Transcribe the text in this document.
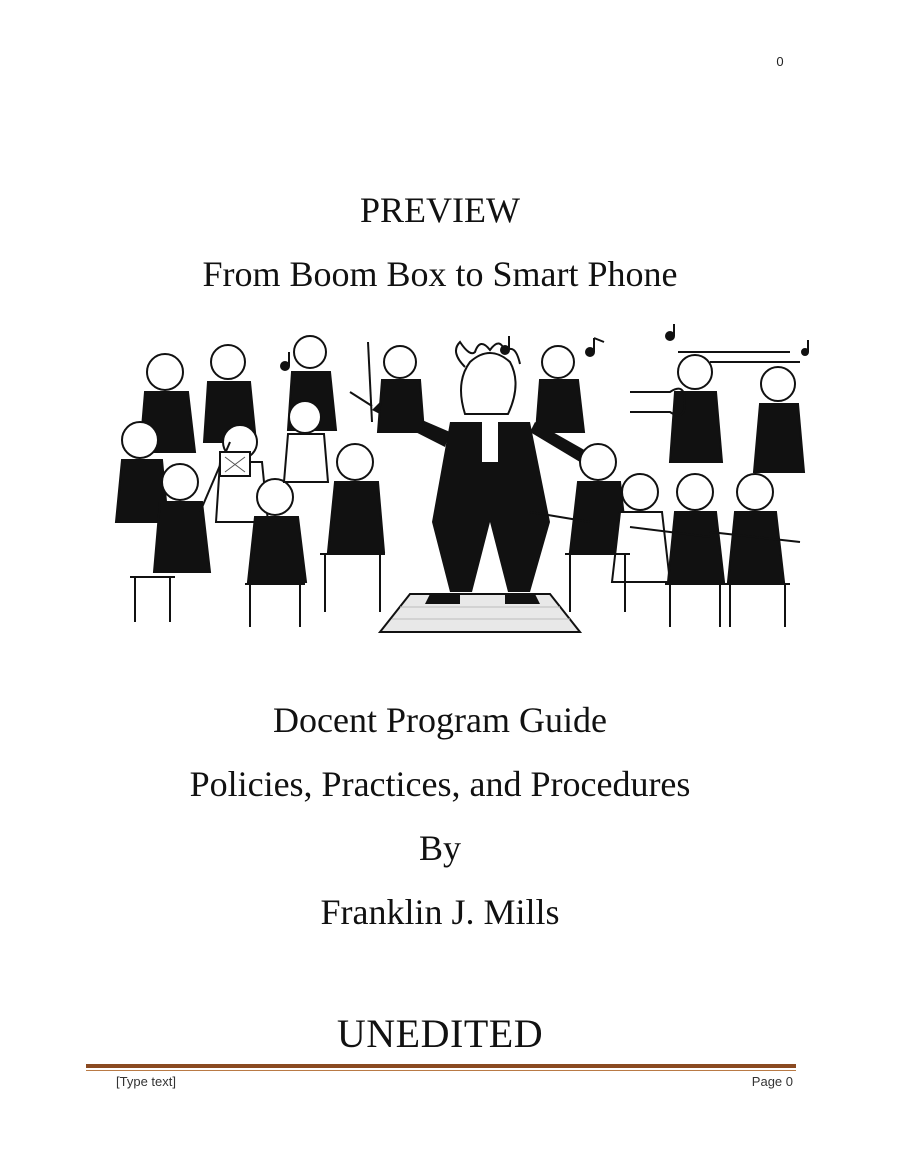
0
PREVIEW
From Boom Box to Smart Phone
Docent Program Guide
Policies, Practices, and Procedures
By
Franklin J. Mills
UNEDITED
[Type text]	Page 0
